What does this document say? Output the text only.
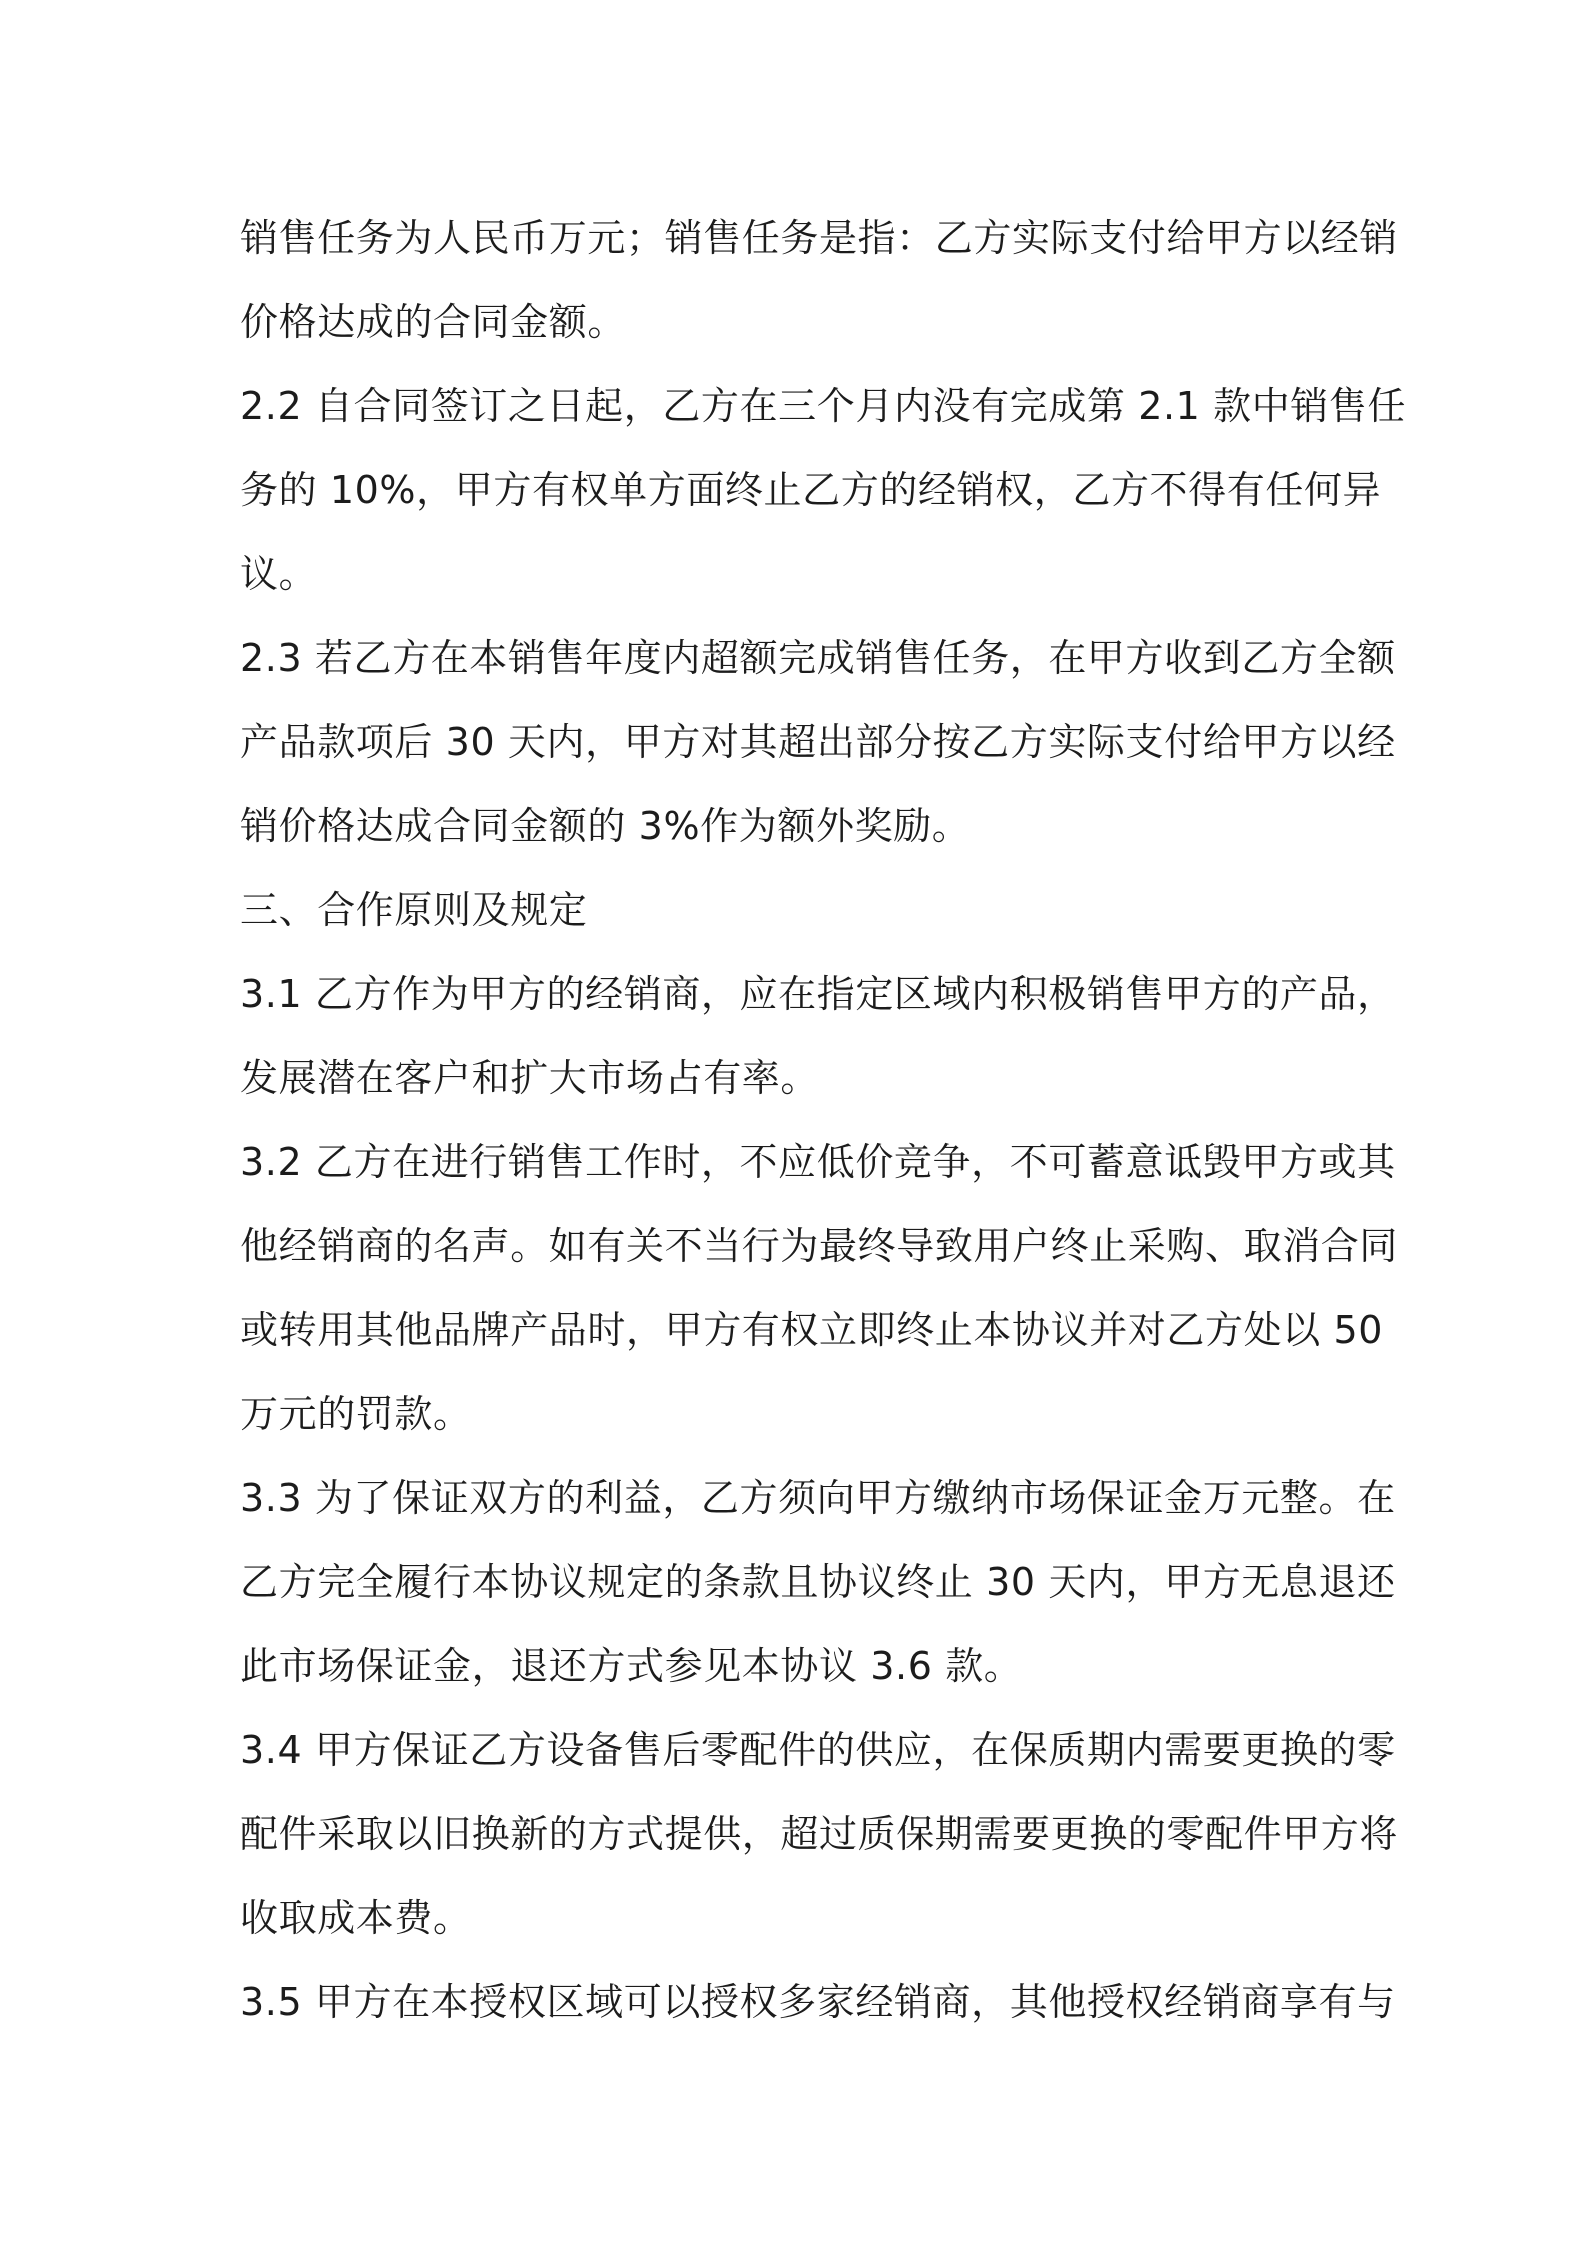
销售任务为人民币万元；销售任务是指：乙方实际支付给甲方以经销
价格达成的合同金额。
2.2 自合同签订之日起，乙方在三个月内没有完成第 2.1 款中销售任
务的 10%，甲方有权单方面终止乙方的经销权，乙方不得有任何异
议。
2.3 若乙方在本销售年度内超额完成销售任务，在甲方收到乙方全额
产品款项后 30 天内，甲方对其超出部分按乙方实际支付给甲方以经
销价格达成合同金额的 3%作为额外奖励。
三、合作原则及规定
3.1 乙方作为甲方的经销商，应在指定区域内积极销售甲方的产品，
发展潜在客户和扩大市场占有率。
3.2 乙方在进行销售工作时，不应低价竞争，不可蓄意诋毁甲方或其
他经销商的名声。如有关不当行为最终导致用户终止采购、取消合同
或转用其他品牌产品时，甲方有权立即终止本协议并对乙方处以 50
万元的罚款。
3.3 为了保证双方的利益，乙方须向甲方缴纳市场保证金万元整。在
乙方完全履行本协议规定的条款且协议终止 30 天内，甲方无息退还
此市场保证金，退还方式参见本协议 3.6 款。
3.4 甲方保证乙方设备售后零配件的供应，在保质期内需要更换的零
配件采取以旧换新的方式提供，超过质保期需要更换的零配件甲方将
收取成本费。
3.5 甲方在本授权区域可以授权多家经销商，其他授权经销商享有与
